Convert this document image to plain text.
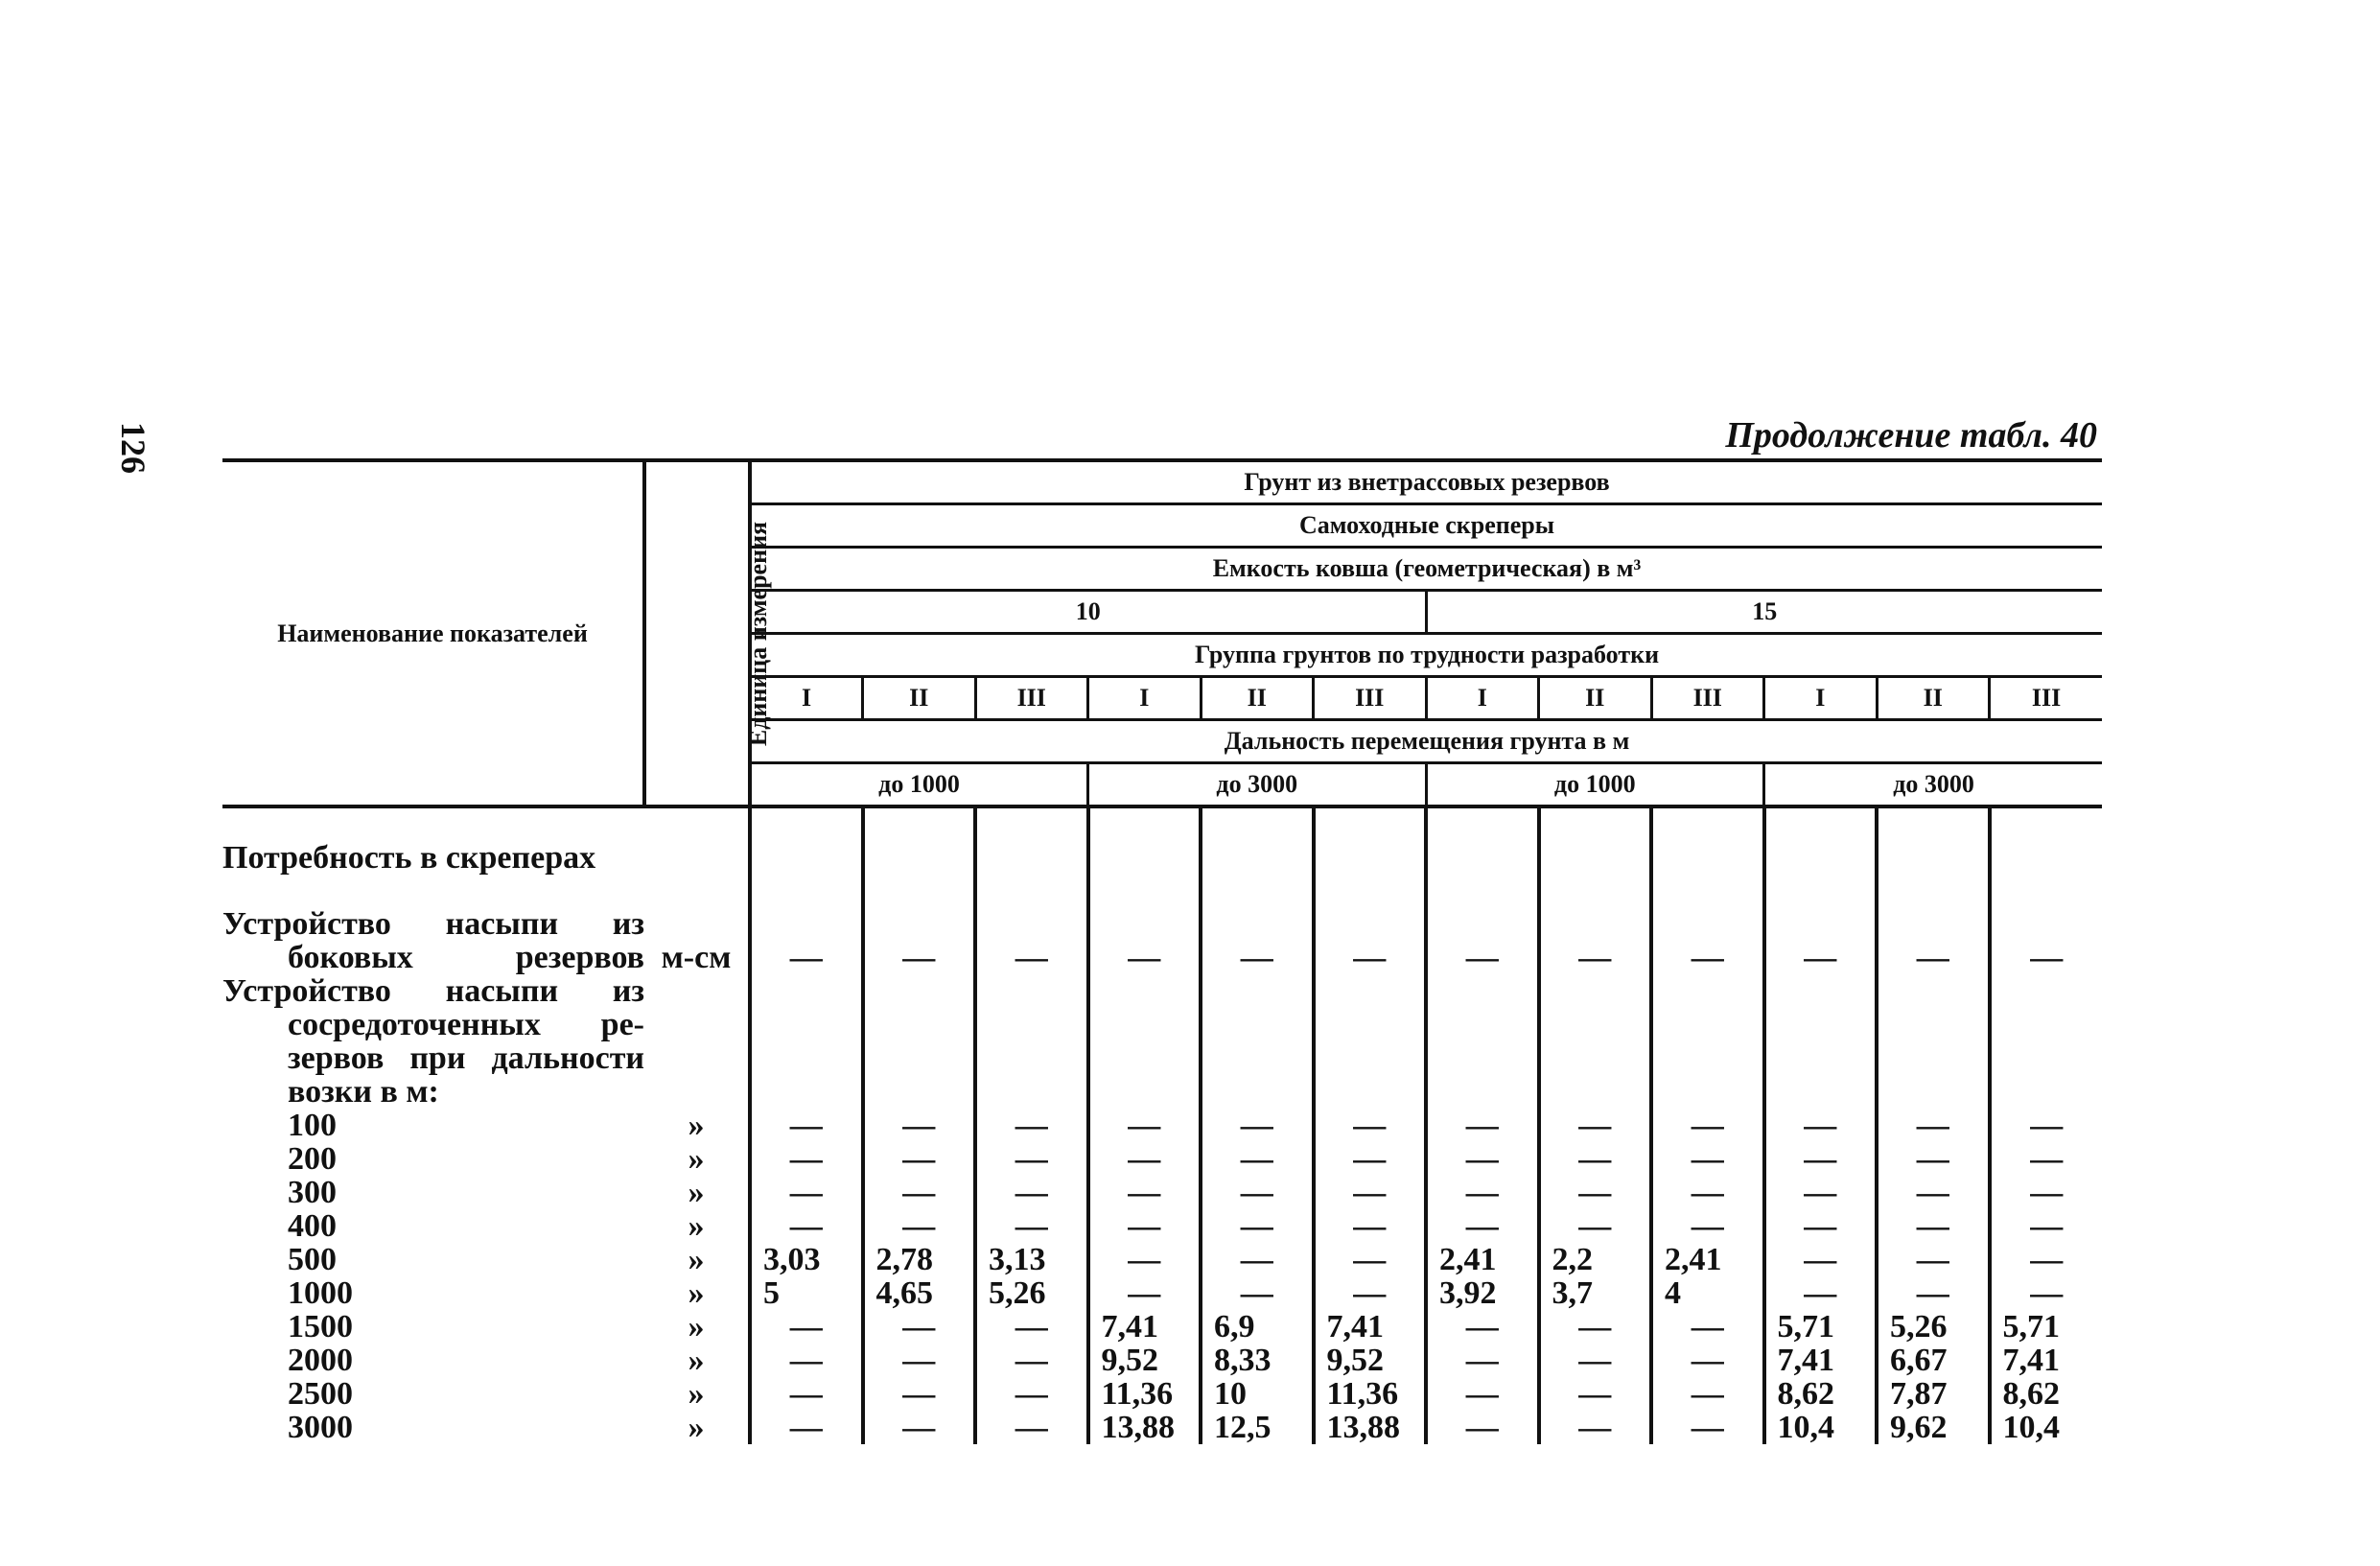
126	Продолжение табл. 40
Наименование показателей	Единица измерения	Грунт из внетрассовых резервов											
		Самоходные скреперы											
		Емкость ковша (геометрическая) в м³											
		10						15					
		Группа грунтов по трудности разработки											
		I	II	III	I	II	III	I	II	III	I	II	III
		Дальность перемещения грунта в м											
		до 1000			до 3000			до 1000			до 3000		

Потребность в скреперах													

Устройство насыпи из													
боковых резервов	м-см	—	—	—	—	—	—	—	—	—	—	—	—
Устройство насыпи из													
сосредоточенных ре-													
зервов при дальности													
возки в м:													
100	»	—	—	—	—	—	—	—	—	—	—	—	—
200	»	—	—	—	—	—	—	—	—	—	—	—	—
300	»	—	—	—	—	—	—	—	—	—	—	—	—
400	»	—	—	—	—	—	—	—	—	—	—	—	—
500	»	3,03	2,78	3,13	—	—	—	2,41	2,2	2,41	—	—	—
1000	»	5	4,65	5,26	—	—	—	3,92	3,7	4	—	—	—
1500	»	—	—	—	7,41	6,9	7,41	—	—	—	5,71	5,26	5,71
2000	»	—	—	—	9,52	8,33	9,52	—	—	—	7,41	6,67	7,41
2500	»	—	—	—	11,36	10	11,36	—	—	—	8,62	7,87	8,62
3000	»	—	—	—	13,88	12,5	13,88	—	—	—	10,4	9,62	10,4
